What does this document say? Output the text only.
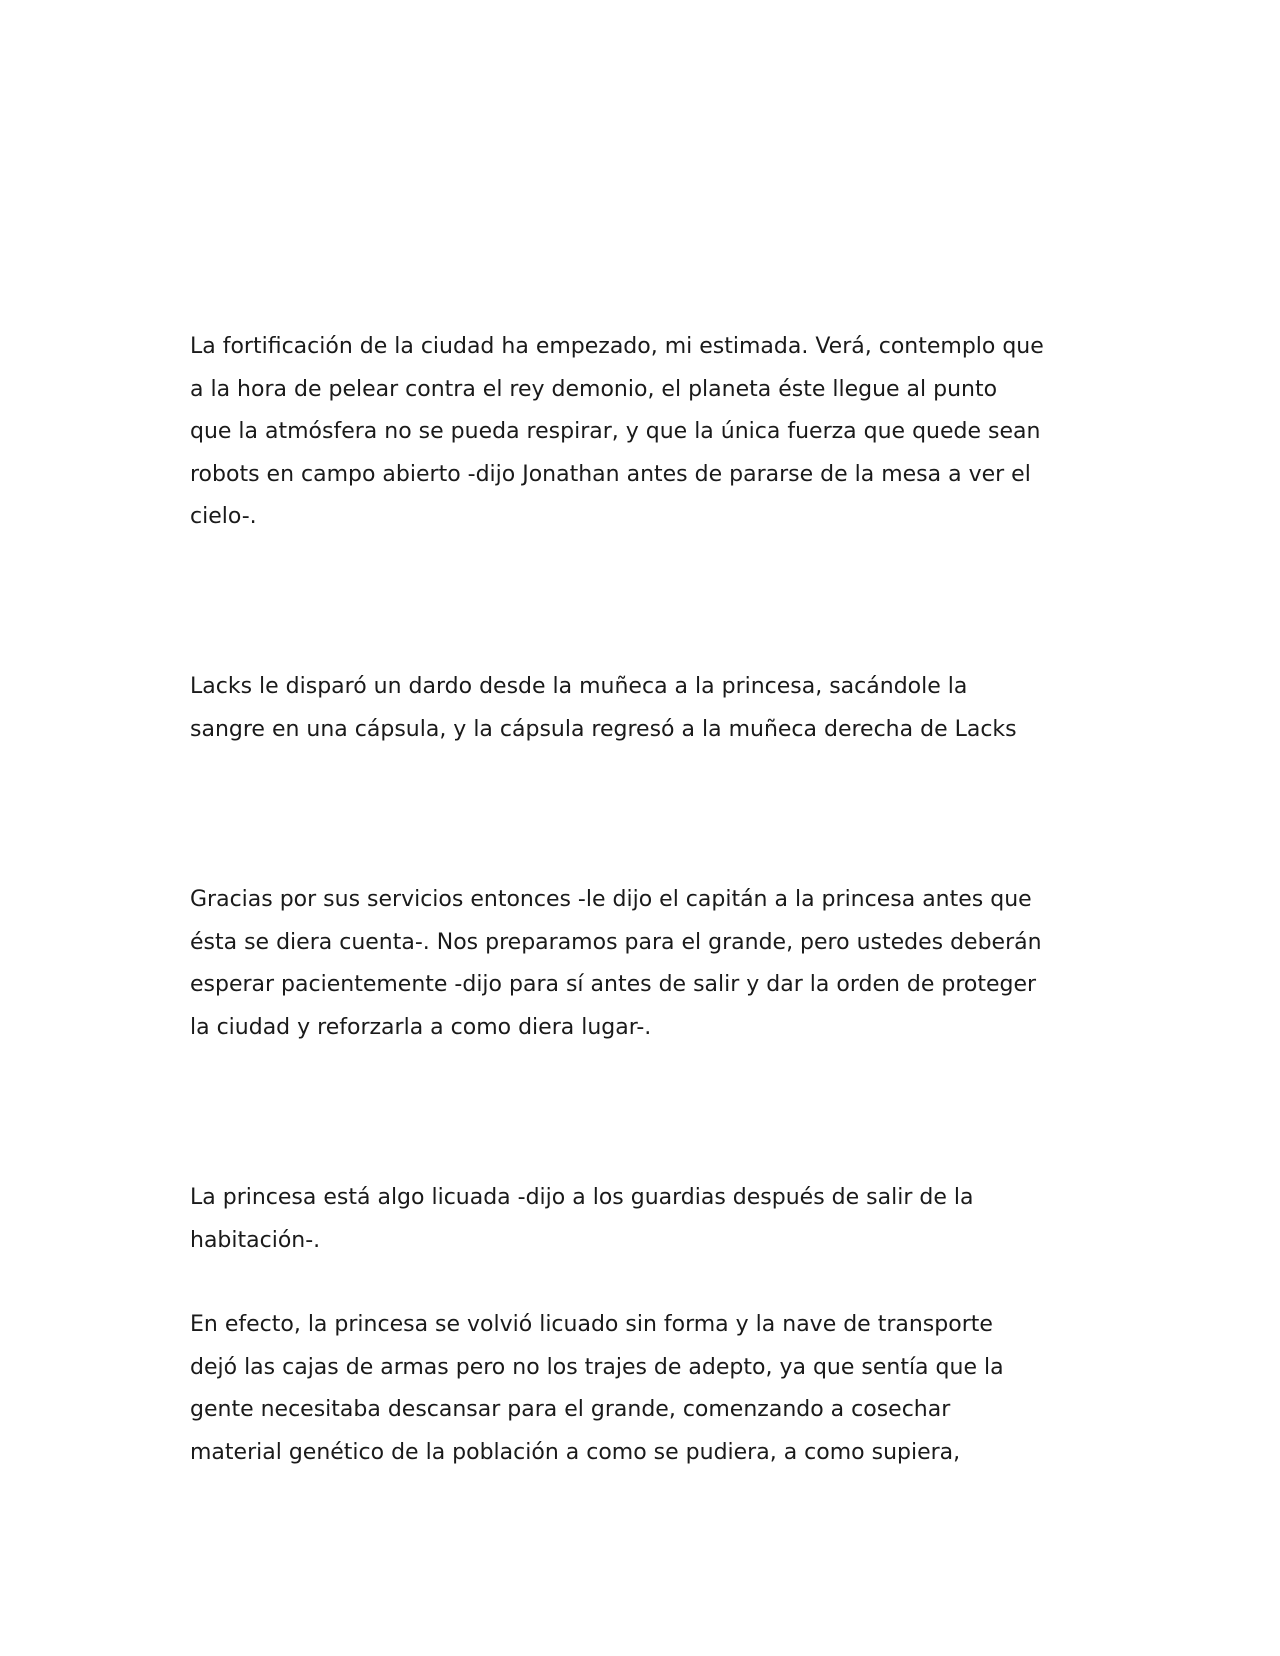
La fortificación de la ciudad ha empezado, mi estimada. Verá, contemplo que
a la hora de pelear contra el rey demonio, el planeta éste llegue al punto
que la atmósfera no se pueda respirar, y que la única fuerza que quede sean
robots en campo abierto -dijo Jonathan antes de pararse de la mesa a ver el
cielo-.

Lacks le disparó un dardo desde la muñeca a la princesa, sacándole la
sangre en una cápsula, y la cápsula regresó a la muñeca derecha de Lacks

Gracias por sus servicios entonces -le dijo el capitán a la princesa antes que
ésta se diera cuenta-. Nos preparamos para el grande, pero ustedes deberán
esperar pacientemente -dijo para sí antes de salir y dar la orden de proteger
la ciudad y reforzarla a como diera lugar-.

La princesa está algo licuada -dijo a los guardias después de salir de la
habitación-.

En efecto, la princesa se volvió licuado sin forma y la nave de transporte
dejó las cajas de armas pero no los trajes de adepto, ya que sentía que la
gente necesitaba descansar para el grande, comenzando a cosechar
material genético de la población a como se pudiera, a como supiera,
